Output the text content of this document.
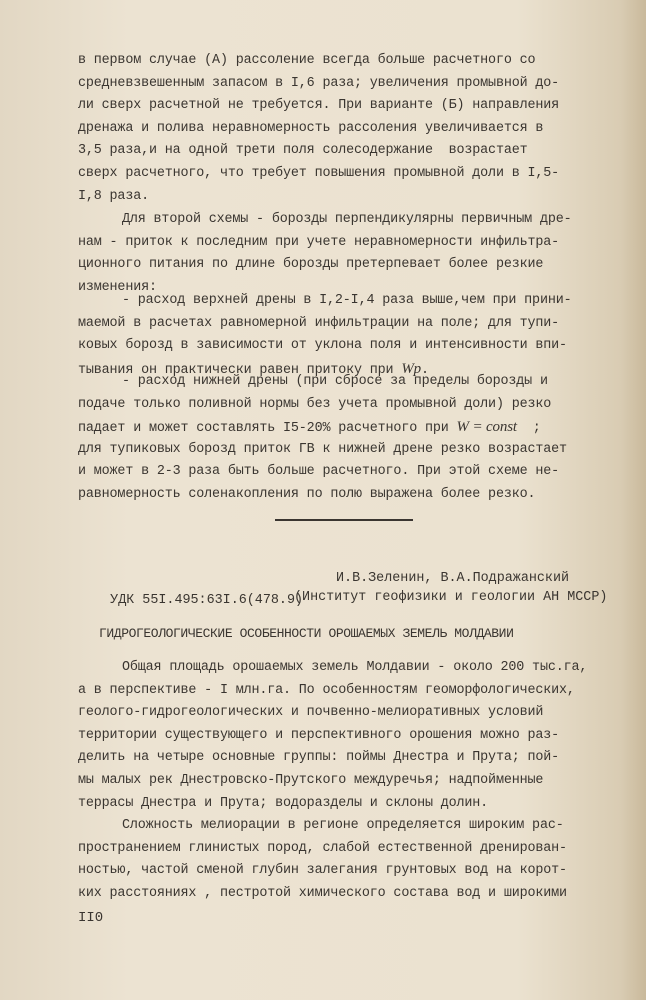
в первом случае (А) рассоление всегда больше расчетного со
средневзвешенным запасом в I,6 раза; увеличения промывной до-
ли сверх расчетной не требуется. При варианте (Б) направления
дренажа и полива неравномерность рассоления увеличивается в
3,5 раза,и на одной трети поля солесодержание  возрастает
сверх расчетного, что требует повышения промывной доли в I,5-
I,8 раза.
Для второй схемы - борозды перпендикулярны первичным дре-
нам - приток к последним при учете неравномерности инфильтра-
ционного питания по длине борозды претерпевает более резкие
изменения:
- расход верхней дрены в I,2-I,4 раза выше,чем при прини-
маемой в расчетах равномерной инфильтрации на поле; для тупи-
ковых борозд в зависимости от уклона поля и интенсивности впи-
тывания он практически равен притоку при Wp.
- расход нижней дрены (при сбросе за пределы борозды и
подаче только поливной нормы без учета промывной доли) резко
падает и может составлять I5-20% расчетного при W = const  ;
для тупиковых борозд приток ГВ к нижней дрене резко возрастает
и может в 2-3 раза быть больше расчетного. При этой схеме не-
равномерность соленакопления по полю выражена более резко.

УДК 55I.495:63I.6(478.9)

И.В.Зеленин, В.А.Подражанский

(Институт геофизики и геологии АН МССР)
ГИДРОГЕОЛОГИЧЕСКИЕ ОСОБЕННОСТИ ОРОШАЕМЫХ ЗЕМЕЛЬ МОЛДАВИИ
Общая площадь орошаемых земель Молдавии - около 200 тыс.га,
а в перспективе - I млн.га. По особенностям геоморфологических,
геолого-гидрогеологических и почвенно-мелиоративных условий
территории существующего и перспективного орошения можно раз-
делить на четыре основные группы: поймы Днестра и Прута; пой-
мы малых рек Днестровско-Прутского междуречья; надпойменные
террасы Днестра и Прута; водоразделы и склоны долин.
Сложность мелиорации в регионе определяется широким рас-
пространением глинистых пород, слабой естественной дренирован-
ностью, частой сменой глубин залегания грунтовых вод на корот-
ких расстояниях , пестротой химического состава вод и широкими
II0
